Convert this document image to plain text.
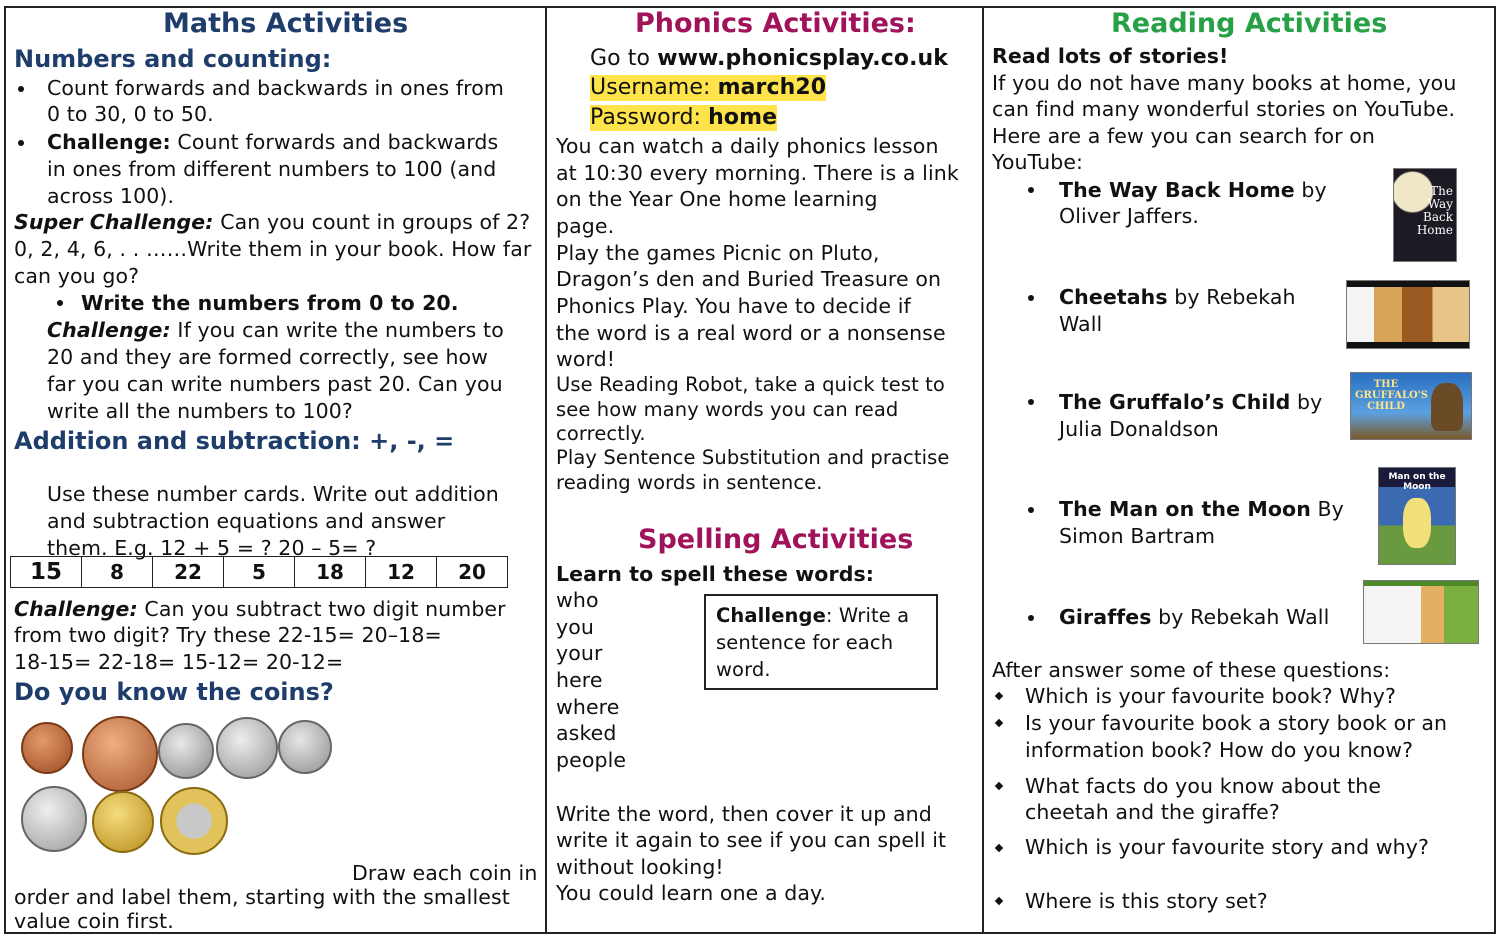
Maths Activities
Numbers and counting:
Count forwards and backwards in ones from
0 to 30, 0 to 50.
Challenge: Count forwards and backwards
in ones from different numbers to 100 (and
across 100).
Super Challenge: Can you count in groups of 2?
0, 2, 4, 6, . . ……Write them in your book. How far
can you go?
Write the numbers from 0 to 20.
Challenge: If you can write the numbers to
20 and they are formed correctly, see how
far you can write numbers past 20. Can you
write all the numbers to 100?
Addition and subtraction: +, -, =
Use these number cards. Write out addition
and subtraction equations and answer
them. E.g. 12 + 5 = ? 20 – 5= ?
15	8	22	5	18	12	20
Challenge: Can you subtract two digit number
from two digit? Try these 22-15= 20–18=
18-15= 22-18= 15-12= 20-12=
Do you know the coins?
Draw each coin in
order and label them, starting with the smallest
value coin first.
Phonics Activities:
Go to www.phonicsplay.co.uk
Username: march20
Password: home
You can watch a daily phonics lesson
at 10:30 every morning. There is a link
on the Year One home learning
page.
Play the games Picnic on Pluto,
Dragon’s den and Buried Treasure on
Phonics Play. You have to decide if
the word is a real word or a nonsense
word!
Use Reading Robot, take a quick test to
see how many words you can read
correctly.
Play Sentence Substitution and practise
reading words in sentence.
Spelling Activities
Learn to spell these words:
who
you
your
here
where
asked
people
Challenge: Write a
sentence for each
word.
Write the word, then cover it up and
write it again to see if you can spell it
without looking!
You could learn one a day.
Reading Activities
Read lots of stories!
If you do not have many books at home, you
can find many wonderful stories on YouTube.
Here are a few you can search for on
YouTube:
The Way Back Home by
Oliver Jaffers.
The Way Back Home
Cheetahs by Rebekah
Wall
The Gruffalo’s Child by
Julia Donaldson
THE GRUFFALO'S CHILD
The Man on the Moon By
Simon Bartram
Man on the Moon
Giraffes by Rebekah Wall
After answer some of these questions:
Which is your favourite book? Why?
Is your favourite book a story book or an
information book? How do you know?
What facts do you know about the
cheetah and the giraffe?
Which is your favourite story and why?
Where is this story set?
